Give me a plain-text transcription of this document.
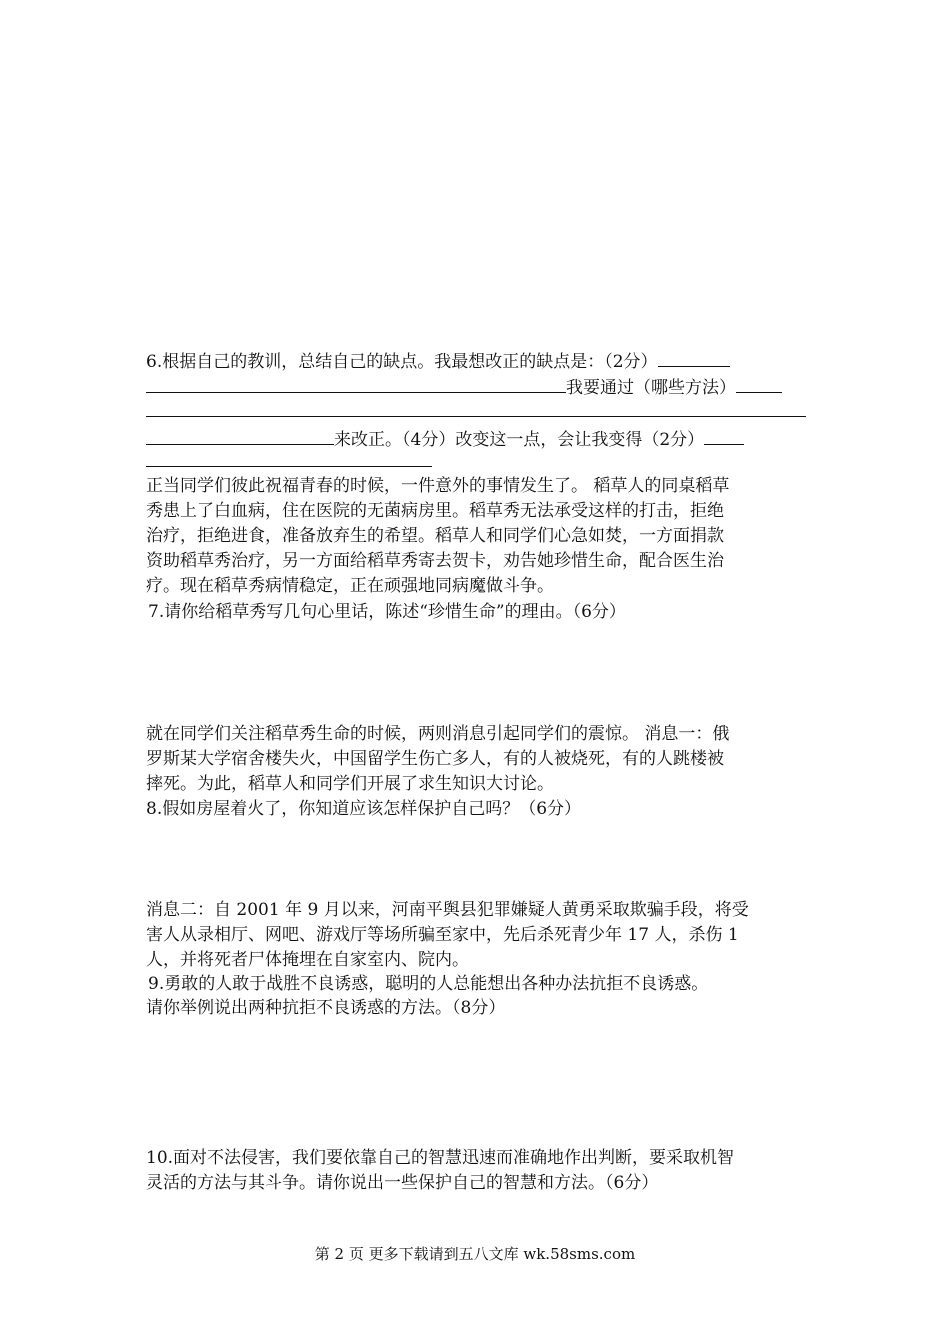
6.根据自己的教训，总结自己的缺点。我最想改正的缺点是：（2分）
我要通过（哪些方法）
来改正。（4分）改变这一点，会让我变得（2分）
正当同学们彼此祝福青春的时候，一件意外的事情发生了。 稻草人的同桌稻草
秀患上了白血病，住在医院的无菌病房里。稻草秀无法承受这样的打击，拒绝
治疗，拒绝进食，准备放弃生的希望。稻草人和同学们心急如焚，一方面捐款
资助稻草秀治疗，另一方面给稻草秀寄去贺卡，劝告她珍惜生命，配合医生治
疗。现在稻草秀病情稳定，正在顽强地同病魔做斗争。
7.请你给稻草秀写几句心里话，陈述“珍惜生命”的理由。（6分）
就在同学们关注稻草秀生命的时候，两则消息引起同学们的震惊。 消息一：俄
罗斯某大学宿舍楼失火，中国留学生伤亡多人，有的人被烧死，有的人跳楼被
摔死。为此，稻草人和同学们开展了求生知识大讨论。
8.假如房屋着火了，你知道应该怎样保护自己吗？（6分）
消息二：自 2001 年 9 月以来，河南平舆县犯罪嫌疑人黄勇采取欺骗手段，将受
害人从录相厅、网吧、游戏厅等场所骗至家中，先后杀死青少年 17 人，杀伤 1
人，并将死者尸体掩埋在自家室内、院内。
9.勇敢的人敢于战胜不良诱惑，聪明的人总能想出各种办法抗拒不良诱惑。
请你举例说出两种抗拒不良诱惑的方法。（8分）
10.面对不法侵害，我们要依靠自己的智慧迅速而准确地作出判断，要采取机智
灵活的方法与其斗争。请你说出一些保护自己的智慧和方法。（6分）
第 2 页 更多下载请到五八文库 wk.58sms.com
